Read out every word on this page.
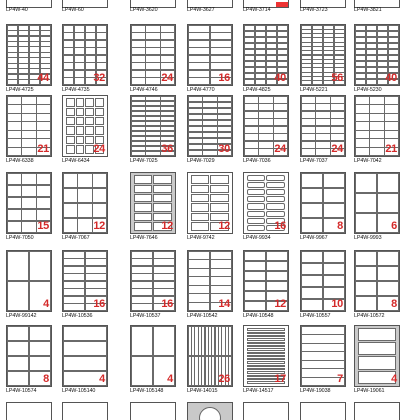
LP4W-40	LP4W-60	LP4W-3620	LP4W-3627	LP4W-3714	LP4W-3723	LP4W-3821
44
LP4W-4725
32
LP4W-4735
24
LP4W-4746
16
LP4W-4770
40
LP4W-4825
56
LP4W-5221
40
LP4W-5230
21
LP4W-6338
24
LP4W-6434
36
LP4W-7025
30
LP4W-7029
24
LP4W-7036
24
LP4W-7037
21
LP4W-7042
15
LP4W-7050
12
LP4W-7067
12
LP4W-7646
12
LP4W-9742
16
LP4W-9934
8
LP4W-9967
6
LP4W-9993
4
LP4W-99142
16
LP4W-10536
16
LP4W-10537
14
LP4W-10542
12
LP4W-10548
10
LP4W-10557
8
LP4W-10572
8
LP4W-10574
4
LP4W-105140
4
LP4W-105148
26
LP4W-14015
17
LP4W-14517
7
LP4W-19038
4
LP4W-19061
